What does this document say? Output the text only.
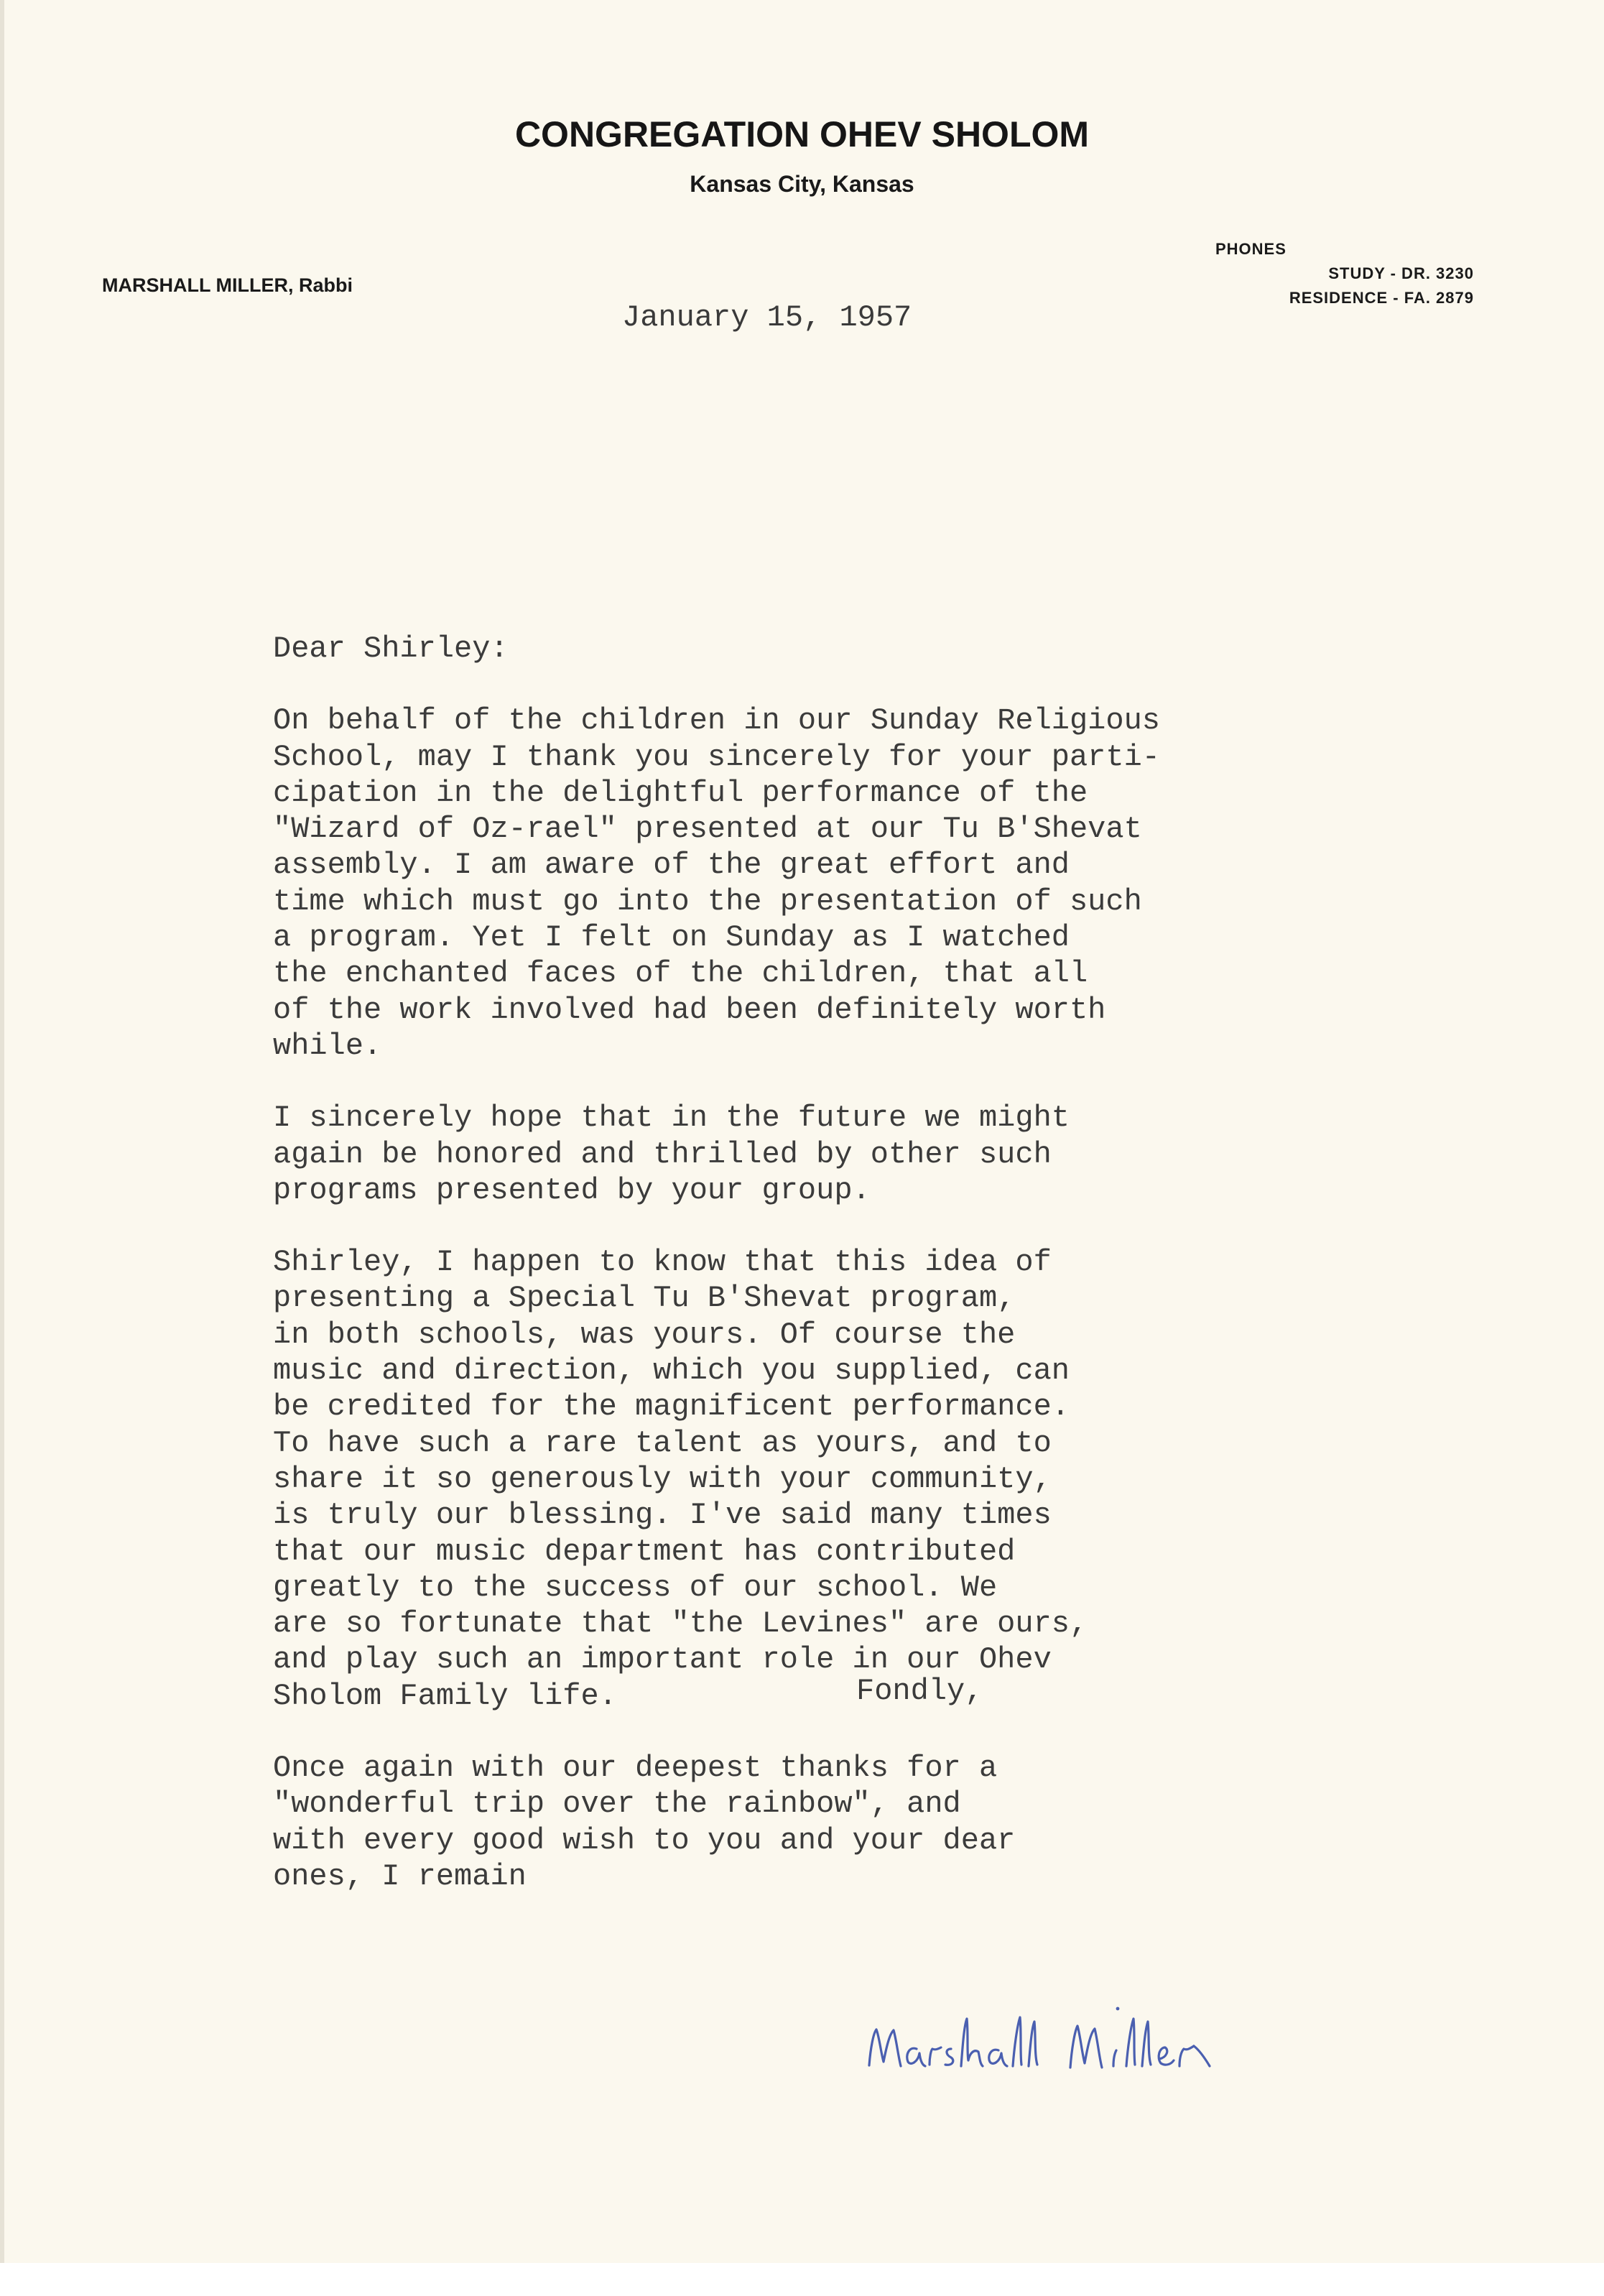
CONGREGATION OHEV SHOLOM
Kansas City, Kansas
MARSHALL MILLER, Rabbi
PHONES
STUDY - DR. 3230
RESIDENCE - FA. 2879
January 15, 1957

Dear Shirley:

On behalf of the children in our Sunday Religious
School, may I thank you sincerely for your parti-
cipation in the delightful performance of the
"Wizard of Oz-rael" presented at our Tu B'Shevat
assembly. I am aware of the great effort and
time which must go into the presentation of such
a program. Yet I felt on Sunday as I watched
the enchanted faces of the children, that all
of the work involved had been definitely worth
while.

I sincerely hope that in the future we might
again be honored and thrilled by other such
programs presented by your group.

Shirley, I happen to know that this idea of
presenting a Special Tu B'Shevat program,
in both schools, was yours. Of course the
music and direction, which you supplied, can
be credited for the magnificent performance.
To have such a rare talent as yours, and to
share it so generously with your community,
is truly our blessing. I've said many times
that our music department has contributed
greatly to the success of our school. We
are so fortunate that "the Levines" are ours,
and play such an important role in our Ohev
Sholom Family life.

Once again with our deepest thanks for a
"wonderful trip over the rainbow", and
with every good wish to you and your dear
ones, I remain

Fondly,
